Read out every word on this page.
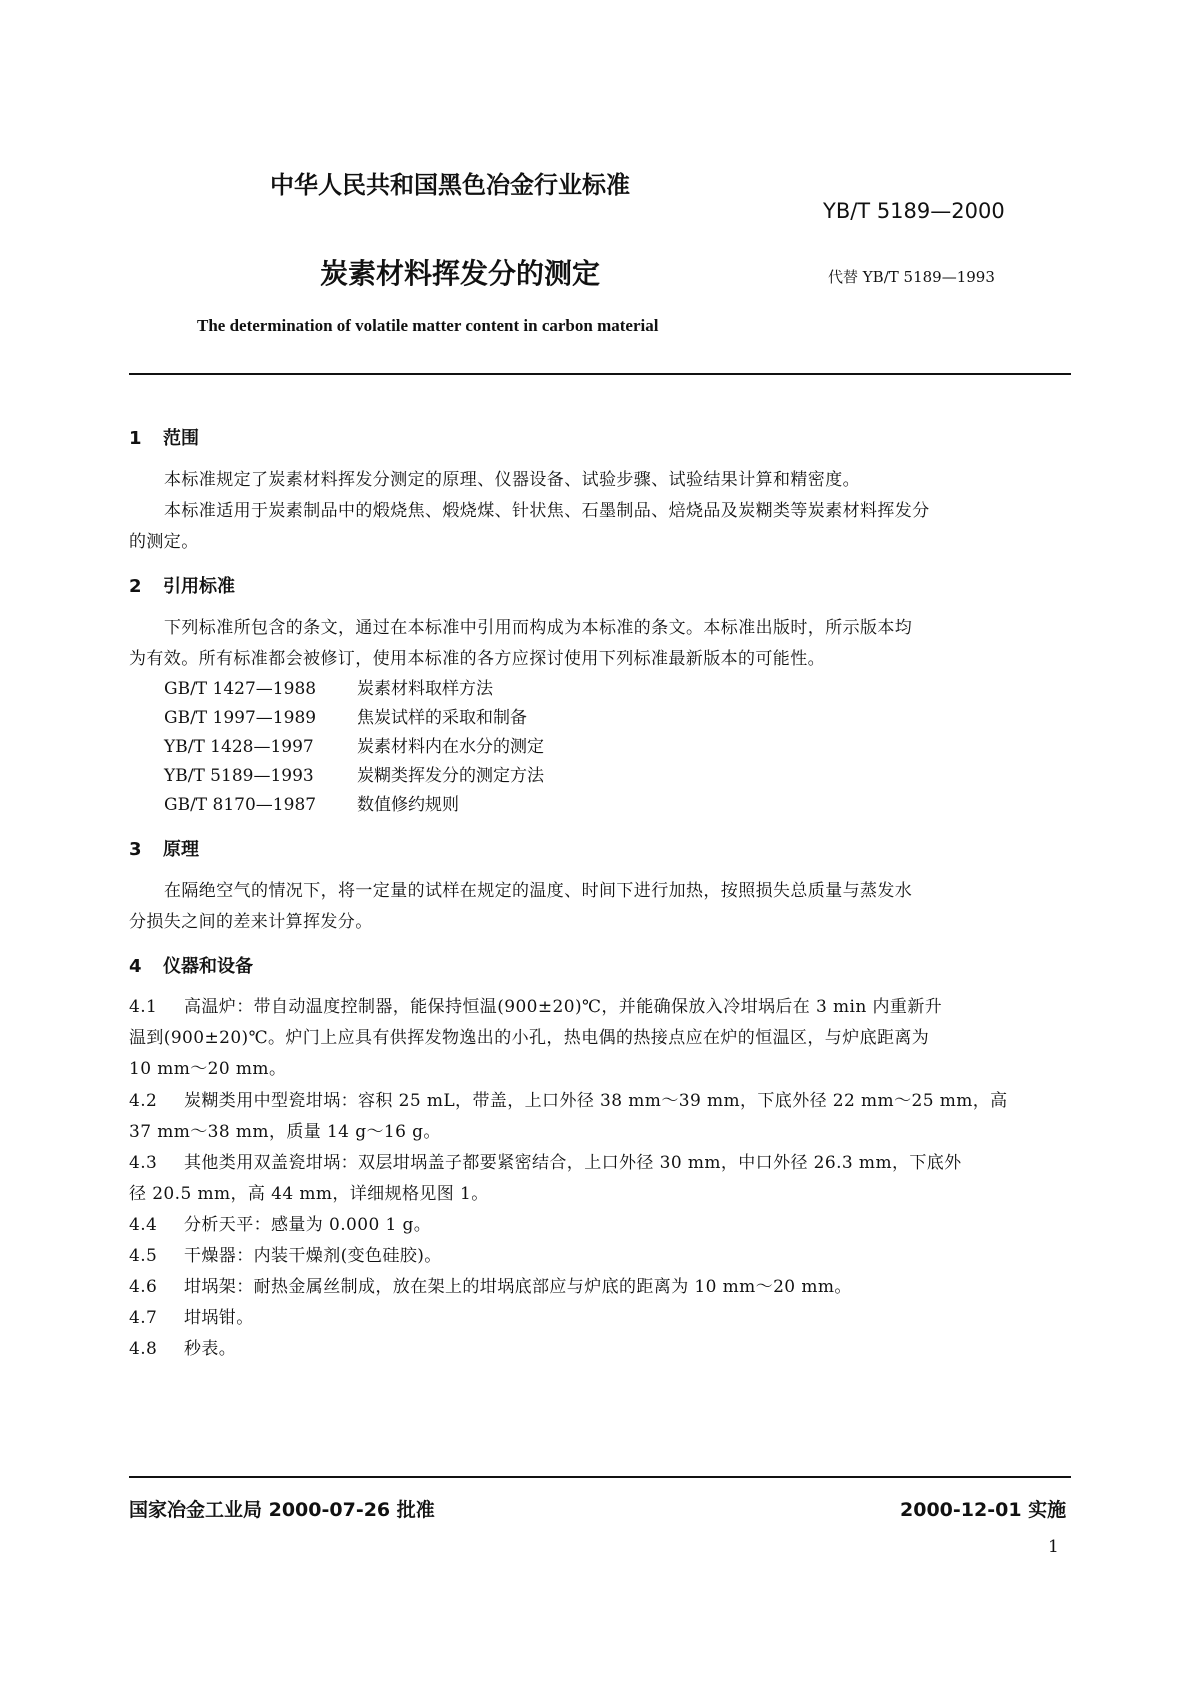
中华人民共和国黑色冶金行业标准
YB/T 5189—2000
炭素材料挥发分的测定	代替 YB/T 5189—1993
The determination of volatile matter content in carbon material
1 范围
本标准规定了炭素材料挥发分测定的原理、仪器设备、试验步骤、试验结果计算和精密度。
本标准适用于炭素制品中的煅烧焦、煅烧煤、针状焦、石墨制品、焙烧品及炭糊类等炭素材料挥发分
的测定。
2 引用标准
下列标准所包含的条文，通过在本标准中引用而构成为本标准的条文。本标准出版时，所示版本均
为有效。所有标准都会被修订，使用本标准的各方应探讨使用下列标准最新版本的可能性。
GB/T 1427—1988 炭素材料取样方法
GB/T 1997—1989 焦炭试样的采取和制备
YB/T 1428—1997	炭素材料内在水分的测定
YB/T 5189—1993	炭糊类挥发分的测定方法
GB/T 8170—1987 数值修约规则
3 原理
在隔绝空气的情况下，将一定量的试样在规定的温度、时间下进行加热，按照损失总质量与蒸发水
分损失之间的差来计算挥发分。
4 仪器和设备
4.1 高温炉：带自动温度控制器，能保持恒温(900±20)℃，并能确保放入冷坩埚后在 3 min 内重新升
温到(900±20)℃。炉门上应具有供挥发物逸出的小孔，热电偶的热接点应在炉的恒温区，与炉底距离为
10 mm～20 mm。
4.2 炭糊类用中型瓷坩埚：容积 25 mL，带盖，上口外径 38 mm～39 mm，下底外径 22 mm～25 mm，高
37 mm～38 mm，质量 14 g～16 g。
4.3 其他类用双盖瓷坩埚：双层坩埚盖子都要紧密结合，上口外径 30 mm，中口外径 26.3 mm，下底外
径 20.5 mm，高 44 mm，详细规格见图 1。
4.4 分析天平：感量为 0.000 1 g。
4.5 干燥器：内装干燥剂(变色硅胶)。
4.6 坩埚架：耐热金属丝制成，放在架上的坩埚底部应与炉底的距离为 10 mm～20 mm。
4.7 坩埚钳。
4.8 秒表。
国家冶金工业局 2000-07-26 批准	2000-12-01 实施
1
